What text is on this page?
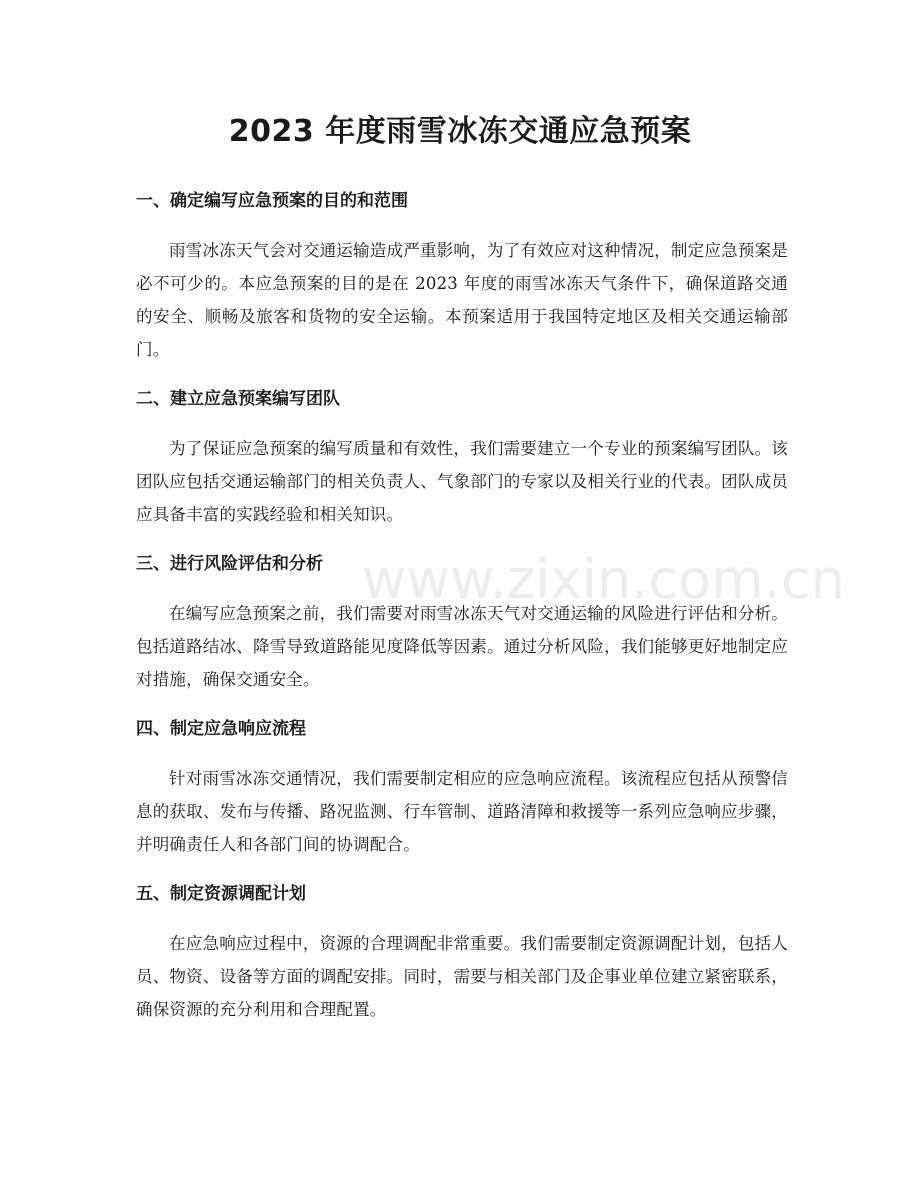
2023 年度雨雪冰冻交通应急预案
一、确定编写应急预案的目的和范围

雨雪冰冻天气会对交通运输造成严重影响，为了有效应对这种情况，制定应急预案是必不可少的。本应急预案的目的是在 2023 年度的雨雪冰冻天气条件下，确保道路交通的安全、顺畅及旅客和货物的安全运输。本预案适用于我国特定地区及相关交通运输部门。

二、建立应急预案编写团队

为了保证应急预案的编写质量和有效性，我们需要建立一个专业的预案编写团队。该团队应包括交通运输部门的相关负责人、气象部门的专家以及相关行业的代表。团队成员应具备丰富的实践经验和相关知识。

三、进行风险评估和分析

在编写应急预案之前，我们需要对雨雪冰冻天气对交通运输的风险进行评估和分析。包括道路结冰、降雪导致道路能见度降低等因素。通过分析风险，我们能够更好地制定应对措施，确保交通安全。

四、制定应急响应流程

针对雨雪冰冻交通情况，我们需要制定相应的应急响应流程。该流程应包括从预警信息的获取、发布与传播、路况监测、行车管制、道路清障和救援等一系列应急响应步骤，并明确责任人和各部门间的协调配合。

五、制定资源调配计划

在应急响应过程中，资源的合理调配非常重要。我们需要制定资源调配计划，包括人员、物资、设备等方面的调配安排。同时，需要与相关部门及企事业单位建立紧密联系，确保资源的充分利用和合理配置。

www.zixin.com.cn
